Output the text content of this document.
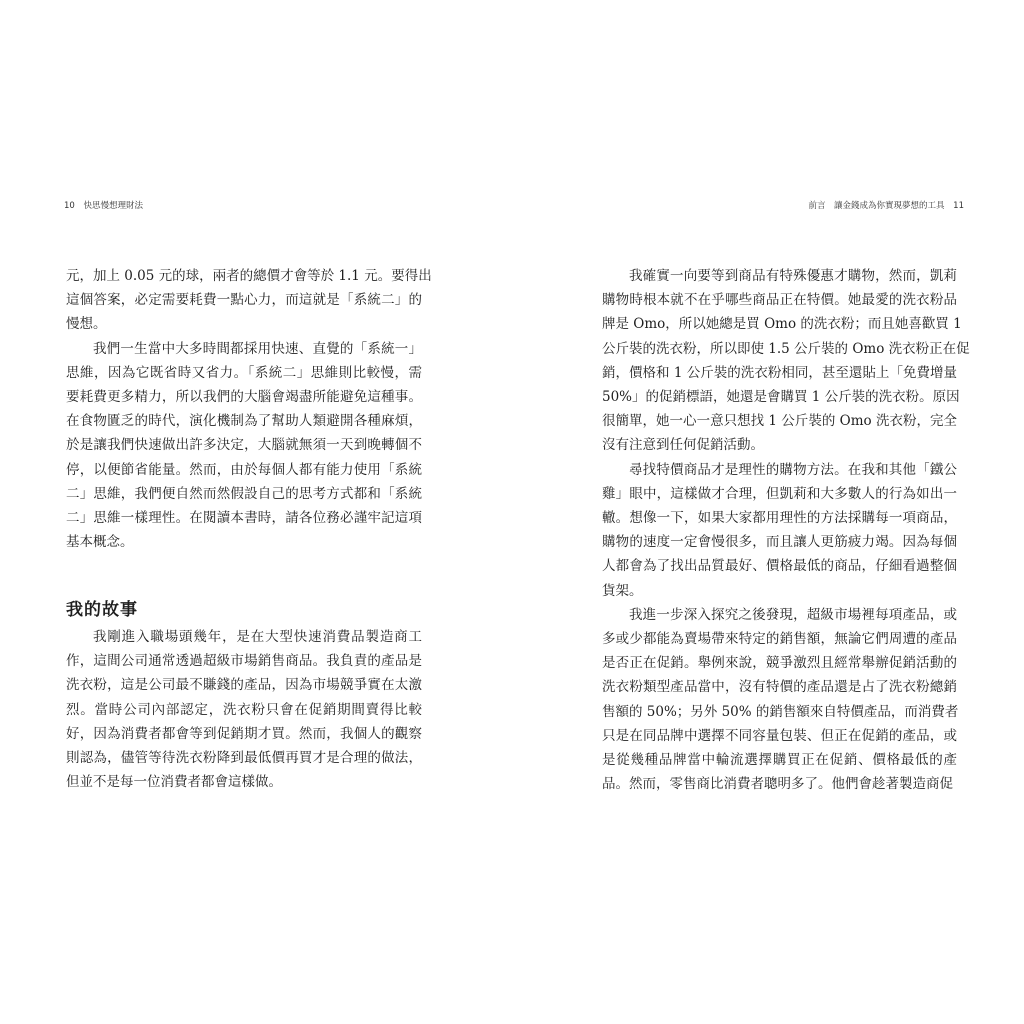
10 快思慢想理財法

元，加上 0.05 元的球，兩者的總價才會等於 1.1 元。要得出
這個答案，必定需要耗費一點心力，而這就是「系統二」的
慢想。

我們一生當中大多時間都採用快速、直覺的「系統一」
思維，因為它既省時又省力。「系統二」思維則比較慢，需
要耗費更多精力，所以我們的大腦會竭盡所能避免這種事。
在食物匱乏的時代，演化機制為了幫助人類避開各種麻煩，
於是讓我們快速做出許多決定，大腦就無須一天到晚轉個不
停，以便節省能量。然而，由於每個人都有能力使用「系統
二」思維，我們便自然而然假設自己的思考方式都和「系統
二」思維一樣理性。在閱讀本書時，請各位務必謹牢記這項
基本概念。

我的故事

我剛進入職場頭幾年，是在大型快速消費品製造商工
作，這間公司通常透過超級市場銷售商品。我負責的產品是
洗衣粉，這是公司最不賺錢的產品，因為市場競爭實在太激
烈。當時公司內部認定，洗衣粉只會在促銷期間賣得比較
好，因為消費者都會等到促銷期才買。然而，我個人的觀察
則認為，儘管等待洗衣粉降到最低價再買才是合理的做法，
但並不是每一位消費者都會這樣做。

前言　讓金錢成為你實現夢想的工具 11

我確實一向要等到商品有特殊優惠才購物，然而，凱莉
購物時根本就不在乎哪些商品正在特價。她最愛的洗衣粉品
牌是 Omo，所以她總是買 Omo 的洗衣粉；而且她喜歡買 1
公斤裝的洗衣粉，所以即使 1.5 公斤裝的 Omo 洗衣粉正在促
銷，價格和 1 公斤裝的洗衣粉相同，甚至還貼上「免費增量
50%」的促銷標語，她還是會購買 1 公斤裝的洗衣粉。原因
很簡單，她一心一意只想找 1 公斤裝的 Omo 洗衣粉，完全
沒有注意到任何促銷活動。

尋找特價商品才是理性的購物方法。在我和其他「鐵公
雞」眼中，這樣做才合理，但凱莉和大多數人的行為如出一
轍。想像一下，如果大家都用理性的方法採購每一項商品，
購物的速度一定會慢很多，而且讓人更筋疲力竭。因為每個
人都會為了找出品質最好、價格最低的商品，仔細看過整個
貨架。

我進一步深入探究之後發現，超級市場裡每項產品，或
多或少都能為賣場帶來特定的銷售額，無論它們周遭的產品
是否正在促銷。舉例來說，競爭激烈且經常舉辦促銷活動的
洗衣粉類型產品當中，沒有特價的產品還是占了洗衣粉總銷
售額的 50%；另外 50% 的銷售額來自特價產品，而消費者
只是在同品牌中選擇不同容量包裝、但正在促銷的產品，或
是從幾種品牌當中輪流選擇購買正在促銷、價格最低的產
品。然而，零售商比消費者聰明多了。他們會趁著製造商促
